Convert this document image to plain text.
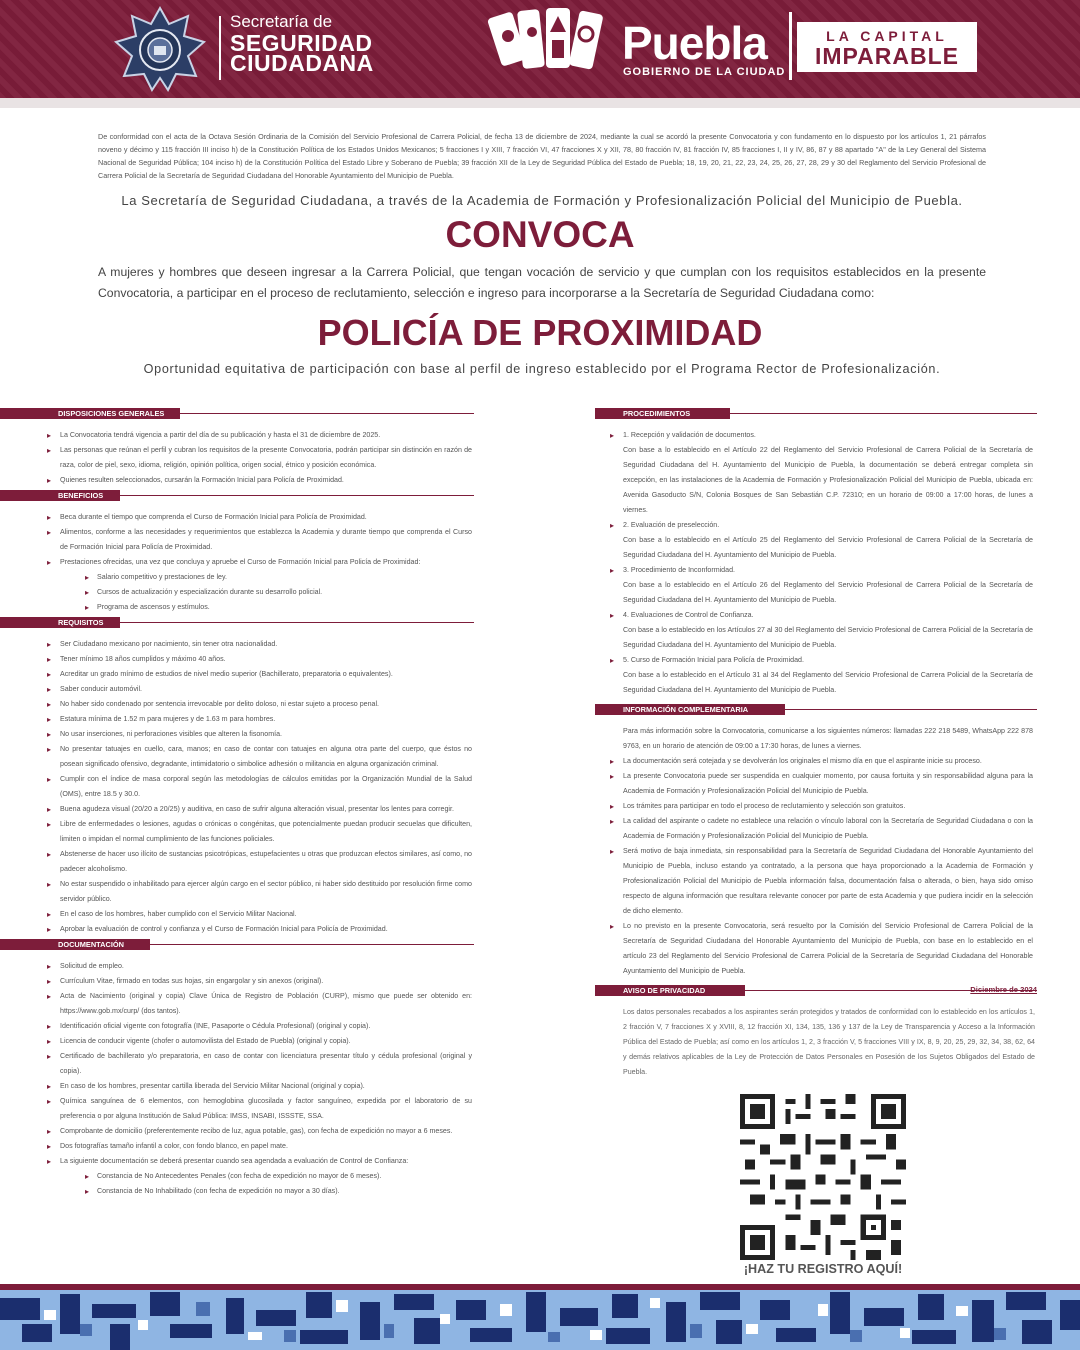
Secretaría de
SEGURIDAD
CIUDADANA	Puebla
GOBIERNO DE LA CIUDAD
LA CAPITAL
IMPARABLE
De conformidad con el acta de la Octava Sesión Ordinaria de la Comisión del Servicio Profesional de Carrera Policial, de fecha 13 de diciembre de 2024, mediante la cual se acordó la presente Convocatoria y con fundamento en lo dispuesto por los artículos 1, 21 párrafos noveno y décimo y 115 fracción III inciso h) de la Constitución Política de los Estados Unidos Mexicanos; 5 fracciones I y XIII, 7 fracción VI, 47 fracciones X y XII, 78, 80 fracción IV, 81 fracción IV, 85 fracciones I, II y IV, 86, 87 y 88 apartado "A" de la Ley General del Sistema Nacional de Seguridad Pública; 104 inciso h) de la Constitución Política del Estado Libre y Soberano de Puebla; 39 fracción XII de la Ley de Seguridad Pública del Estado de Puebla; 18, 19, 20, 21, 22, 23, 24, 25, 26, 27, 28, 29 y 30 del Reglamento del Servicio Profesional de Carrera Policial de la Secretaría de Seguridad Ciudadana del Honorable Ayuntamiento del Municipio de Puebla.
La Secretaría de Seguridad Ciudadana, a través de la Academia de Formación y Profesionalización Policial del Municipio de Puebla.
CONVOCA
A mujeres y hombres que deseen ingresar a la Carrera Policial, que tengan vocación de servicio y que cumplan con los requisitos establecidos en la presente Convocatoria, a participar en el proceso de reclutamiento, selección e ingreso para incorporarse a la Secretaría de Seguridad Ciudadana como:
POLICÍA DE PROXIMIDAD
Oportunidad equitativa de participación con base al perfil de ingreso establecido por el Programa Rector de Profesionalización.
DISPOSICIONES GENERALES
▸ La Convocatoria tendrá vigencia a partir del día de su publicación y hasta el 31 de diciembre de 2025.
▸ Las personas que reúnan el perfil y cubran los requisitos de la presente Convocatoria, podrán participar sin distinción en razón de raza, color de piel, sexo, idioma, religión, opinión política, origen social, étnico y posición económica.
▸ Quienes resulten seleccionados, cursarán la Formación Inicial para Policía de Proximidad.
BENEFICIOS
▸ Beca durante el tiempo que comprenda el Curso de Formación Inicial para Policía de Proximidad.
▸ Alimentos, conforme a las necesidades y requerimientos que establezca la Academia y durante tiempo que comprenda el Curso de Formación Inicial para Policía de Proximidad.
▸ Prestaciones ofrecidas, una vez que concluya y apruebe el Curso de Formación Inicial para Policía de Proximidad:
▸ Salario competitivo y prestaciones de ley.
▸ Cursos de actualización y especialización durante su desarrollo policial.
▸ Programa de ascensos y estímulos.
REQUISITOS
▸ Ser Ciudadano mexicano por nacimiento, sin tener otra nacionalidad.
▸ Tener mínimo 18 años cumplidos y máximo 40 años.
▸ Acreditar un grado mínimo de estudios de nivel medio superior (Bachillerato, preparatoria o equivalentes).
▸ Saber conducir automóvil.
▸ No haber sido condenado por sentencia irrevocable por delito doloso, ni estar sujeto a proceso penal.
▸ Estatura mínima de 1.52 m para mujeres y de 1.63 m para hombres.
▸ No usar inserciones, ni perforaciones visibles que alteren la fisonomía.
▸ No presentar tatuajes en cuello, cara, manos; en caso de contar con tatuajes en alguna otra parte del cuerpo, que éstos no posean significado ofensivo, degradante, intimidatorio o simbolice adhesión o militancia en alguna organización criminal.
▸ Cumplir con el índice de masa corporal según las metodologías de cálculos emitidas por la Organización Mundial de la Salud (OMS), entre 18.5 y 30.0.
▸ Buena agudeza visual (20/20 a 20/25) y auditiva, en caso de sufrir alguna alteración visual, presentar los lentes para corregir.
▸ Libre de enfermedades o lesiones, agudas o crónicas o congénitas, que potencialmente puedan producir secuelas que dificulten, limiten o impidan el normal cumplimiento de las funciones policiales.
▸ Abstenerse de hacer uso ilícito de sustancias psicotrópicas, estupefacientes u otras que produzcan efectos similares, así como, no padecer alcoholismo.
▸ No estar suspendido o inhabilitado para ejercer algún cargo en el sector público, ni haber sido destituido por resolución firme como servidor público.
▸ En el caso de los hombres, haber cumplido con el Servicio Militar Nacional.
▸ Aprobar la evaluación de control y confianza y el Curso de Formación Inicial para Policía de Proximidad.
DOCUMENTACIÓN
▸ Solicitud de empleo.
▸ Currículum Vitae, firmado en todas sus hojas, sin engargolar y sin anexos (original).
▸ Acta de Nacimiento (original y copia) Clave Única de Registro de Población (CURP), mismo que puede ser obtenido en: https://www.gob.mx/curp/ (dos tantos).
▸ Identificación oficial vigente con fotografía (INE, Pasaporte o Cédula Profesional) (original y copia).
▸ Licencia de conducir vigente (chofer o automovilista del Estado de Puebla) (original y copia).
▸ Certificado de bachillerato y/o preparatoria, en caso de contar con licenciatura presentar título y cédula profesional (original y copia).
▸ En caso de los hombres, presentar cartilla liberada del Servicio Militar Nacional (original y copia).
▸ Química sanguínea de 6 elementos, con hemoglobina glucosilada y factor sanguíneo, expedida por el laboratorio de su preferencia o por alguna Institución de Salud Pública: IMSS, INSABI, ISSSTE, SSA.
▸ Comprobante de domicilio (preferentemente recibo de luz, agua potable, gas), con fecha de expedición no mayor a 6 meses.
▸ Dos fotografías tamaño infantil a color, con fondo blanco, en papel mate.
▸ La siguiente documentación se deberá presentar cuando sea agendada a evaluación de Control de Confianza:
▸ Constancia de No Antecedentes Penales (con fecha de expedición no mayor de 6 meses).
▸ Constancia de No Inhabilitado (con fecha de expedición no mayor a 30 días).
PROCEDIMIENTOS
▸ 1. Recepción y validación de documentos.
Con base a lo establecido en el Artículo 22 del Reglamento del Servicio Profesional de Carrera Policial de la Secretaría de Seguridad Ciudadana del H. Ayuntamiento del Municipio de Puebla, la documentación se deberá entregar completa sin excepción, en las instalaciones de la Academia de Formación y Profesionalización Policial del Municipio de Puebla, ubicada en: Avenida Gasoducto S/N, Colonia Bosques de San Sebastián C.P. 72310; en un horario de 09:00 a 17:00 horas, de lunes a viernes.
▸ 2. Evaluación de preselección.
Con base a lo establecido en el Artículo 25 del Reglamento del Servicio Profesional de Carrera Policial de la Secretaría de Seguridad Ciudadana del H. Ayuntamiento del Municipio de Puebla.
▸ 3. Procedimiento de Inconformidad.
Con base a lo establecido en el Artículo 26 del Reglamento del Servicio Profesional de Carrera Policial de la Secretaría de Seguridad Ciudadana del H. Ayuntamiento del Municipio de Puebla.
▸ 4. Evaluaciones de Control de Confianza.
Con base a lo establecido en los Artículos 27 al 30 del Reglamento del Servicio Profesional de Carrera Policial de la Secretaría de Seguridad Ciudadana del H. Ayuntamiento del Municipio de Puebla.
▸ 5. Curso de Formación Inicial para Policía de Proximidad.
Con base a lo establecido en el Artículo 31 al 34 del Reglamento del Servicio Profesional de Carrera Policial de la Secretaría de Seguridad Ciudadana del H. Ayuntamiento del Municipio de Puebla.
INFORMACIÓN COMPLEMENTARIA
Para más información sobre la Convocatoria, comunicarse a los siguientes números: llamadas 222 218 5489, WhatsApp 222 878 9763, en un horario de atención de 09:00 a 17:30 horas, de lunes a viernes.
▸ La documentación será cotejada y se devolverán los originales el mismo día en que el aspirante inicie su proceso.
▸ La presente Convocatoria puede ser suspendida en cualquier momento, por causa fortuita y sin responsabilidad alguna para la Academia de Formación y Profesionalización Policial del Municipio de Puebla.
▸ Los trámites para participar en todo el proceso de reclutamiento y selección son gratuitos.
▸ La calidad del aspirante o cadete no establece una relación o vínculo laboral con la Secretaría de Seguridad Ciudadana o con la Academia de Formación y Profesionalización Policial del Municipio de Puebla.
▸ Será motivo de baja inmediata, sin responsabilidad para la Secretaría de Seguridad Ciudadana del Honorable Ayuntamiento del Municipio de Puebla, incluso estando ya contratado, a la persona que haya proporcionado a la Academia de Formación y Profesionalización Policial del Municipio de Puebla información falsa, documentación falsa o alterada, o bien, haya sido omiso respecto de alguna información que resultara relevante conocer por parte de esta Academia y que pudiera incidir en la selección de dicho elemento.
▸ Lo no previsto en la presente Convocatoria, será resuelto por la Comisión del Servicio Profesional de Carrera Policial de la Secretaría de Seguridad Ciudadana del Honorable Ayuntamiento del Municipio de Puebla, con base en lo establecido en el artículo 23 del Reglamento del Servicio Profesional de Carrera Policial de la Secretaría de Seguridad Ciudadana del Honorable Ayuntamiento del Municipio de Puebla.
AVISO DE PRIVACIDAD	Diciembre de 2024
Los datos personales recabados a los aspirantes serán protegidos y tratados de conformidad con lo establecido en los artículos 1, 2 fracción V, 7 fracciones X y XVIII, 8, 12 fracción XI, 134, 135, 136 y 137 de la Ley de Transparencia y Acceso a la Información Pública del Estado de Puebla; así como en los artículos 1, 2, 3 fracción V, 5 fracciones VIII y IX, 8, 9, 20, 25, 29, 32, 34, 38, 62, 64 y demás relativos aplicables de la Ley de Protección de Datos Personales en Posesión de los Sujetos Obligados del Estado de Puebla.
¡HAZ TU REGISTRO AQUÍ!
